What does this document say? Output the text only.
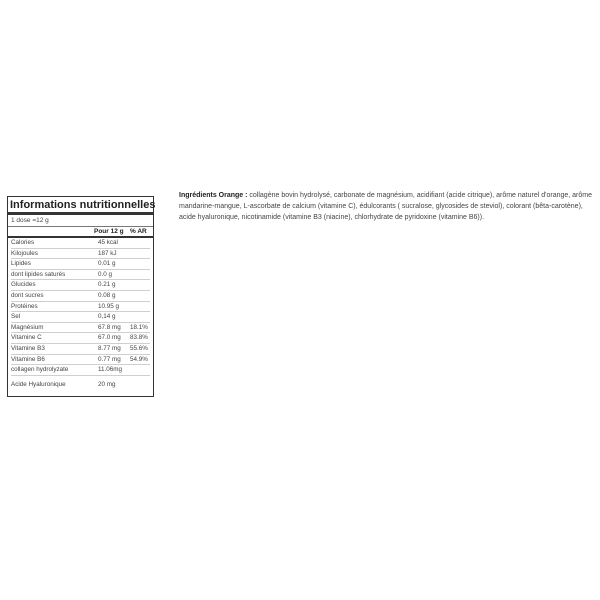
Informations nutritionnelles
1 dose =12 g
Pour 12 g % AR
Calories	45 kcal
Kilojoules	187 kJ
Lipides	0.01 g
dont lipides saturés	0.0 g
Glucides	0.21 g
dont sucres	0.08 g
Protéines	10.95 g
Sel	0,14 g
Magnésium	67.8 mg	18.1%
Vitamine C	67.0 mg	83.8%
Vitamine B3	8.77 mg	55.6%
Vitamine B6	0.77 mg	54.9%
collagen hydrolyzate	11.06mg
Acide Hyaluronique	20 mg
Ingrédients Orange : collagène bovin hydrolysé, carbonate de magnésium, acidifiant (acide citrique), arôme naturel d'orange, arôme mandarine-mangue, L-ascorbate de calcium (vitamine C), édulcorants ( sucralose, glycosides de steviol), colorant (bêta-carotène), acide hyaluronique, nicotinamide (vitamine B3 (niacine), chlorhydrate de pyridoxine (vitamine B6)).
